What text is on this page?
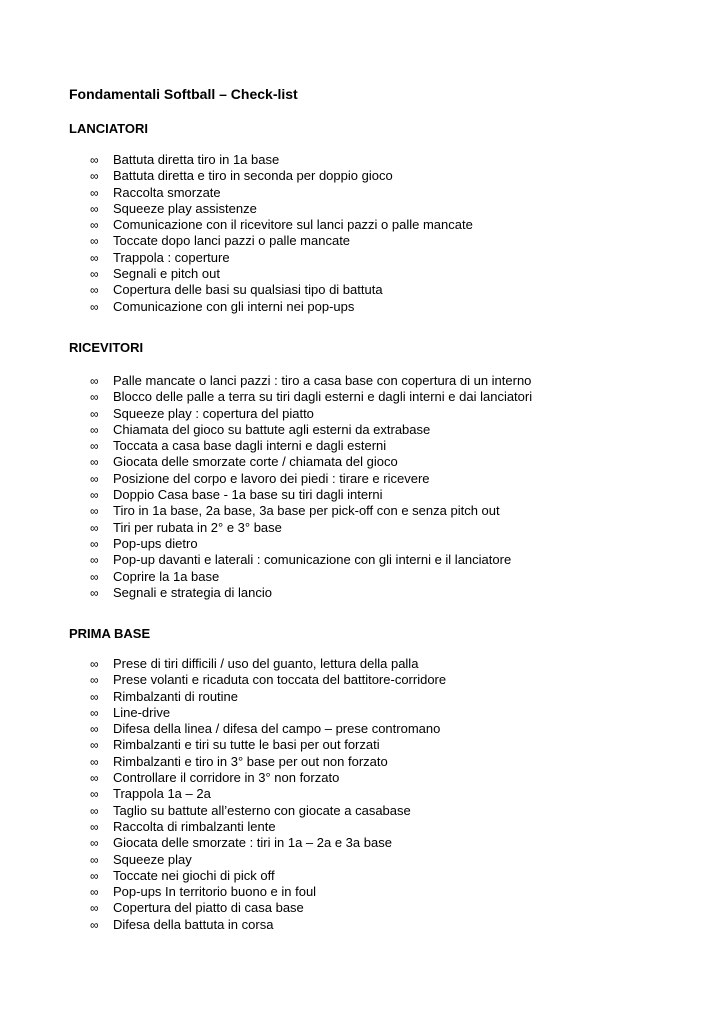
Fondamentali Softball – Check-list
LANCIATORI
∞ Battuta diretta tiro in 1a base
∞ Battuta diretta e tiro in seconda per doppio gioco
∞ Raccolta smorzate
∞ Squeeze play assistenze
∞ Comunicazione con il ricevitore sul lanci pazzi o palle mancate
∞ Toccate dopo lanci pazzi o palle mancate
∞ Trappola : coperture
∞ Segnali e pitch out
∞ Copertura delle basi su qualsiasi tipo di battuta
∞ Comunicazione con gli interni nei pop-ups
RICEVITORI
∞ Palle mancate o lanci pazzi : tiro a casa base con copertura di un interno
∞ Blocco delle palle a terra su tiri dagli esterni e dagli interni e dai lanciatori
∞ Squeeze play : copertura del piatto
∞ Chiamata del gioco su battute agli esterni da extrabase
∞ Toccata a casa base dagli interni e dagli esterni
∞ Giocata delle smorzate corte / chiamata del gioco
∞ Posizione del corpo e lavoro dei piedi : tirare e ricevere
∞ Doppio Casa base - 1a base su tiri dagli interni
∞ Tiro in 1a base, 2a base, 3a base per pick-off con e senza pitch out
∞ Tiri per rubata in 2° e 3° base
∞ Pop-ups dietro
∞ Pop-up davanti e laterali : comunicazione con gli interni e il lanciatore
∞ Coprire la 1a base
∞ Segnali e strategia di lancio
PRIMA BASE
∞ Prese di tiri difficili / uso del guanto, lettura della palla
∞ Prese volanti e ricaduta con toccata del battitore-corridore
∞ Rimbalzanti di routine
∞ Line-drive
∞ Difesa della linea / difesa del campo – prese contromano
∞ Rimbalzanti e tiri su tutte le basi per out forzati
∞ Rimbalzanti e tiro in 3° base per out non forzato
∞ Controllare il corridore in 3° non forzato
∞ Trappola 1a – 2a
∞ Taglio su battute all’esterno con giocate a casabase
∞ Raccolta di rimbalzanti lente
∞ Giocata delle smorzate : tiri in 1a – 2a e 3a base
∞ Squeeze play
∞ Toccate nei giochi di pick off
∞ Pop-ups In territorio buono e in foul
∞ Copertura del piatto di casa base
∞ Difesa della battuta in corsa
